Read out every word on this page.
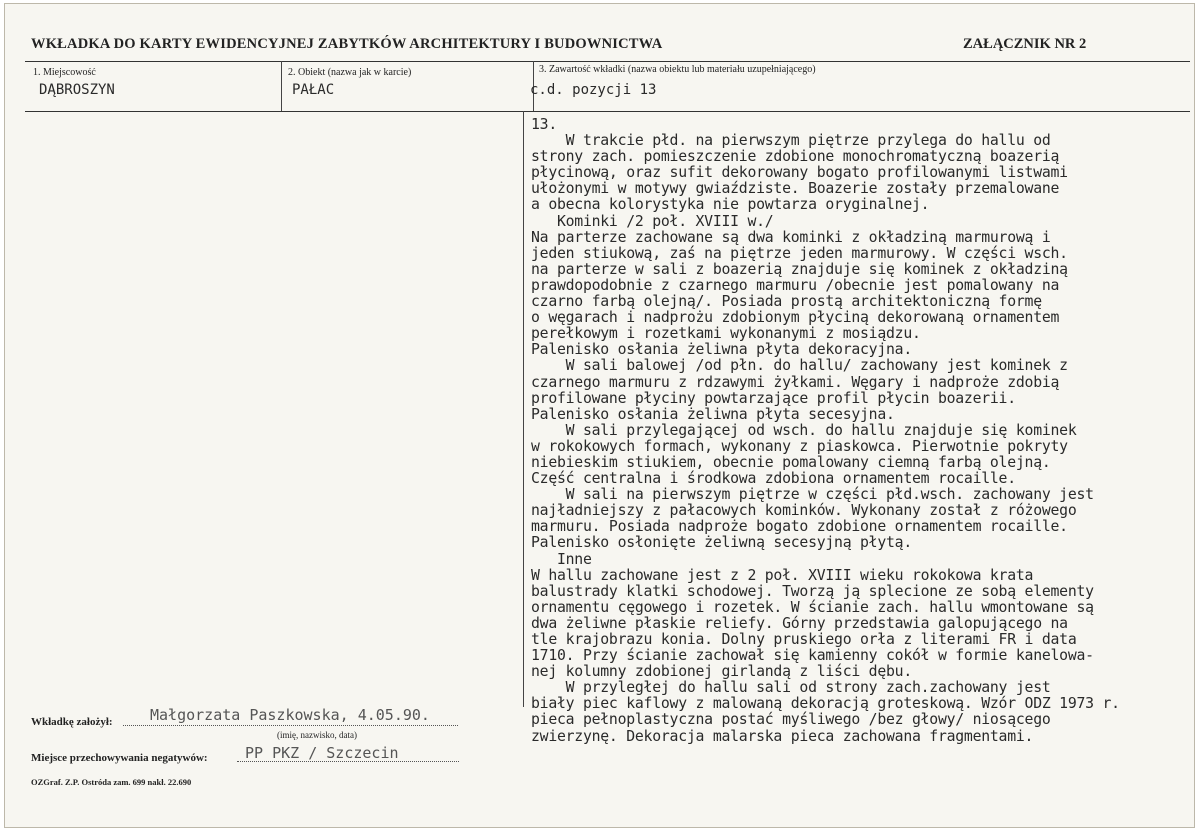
WKŁADKA DO KARTY EWIDENCYJNEJ ZABYTKÓW ARCHITEKTURY I BUDOWNICTWA	ZAŁĄCZNIK NR 2
1. Miejscowość
DĄBROSZYN
2. Obiekt (nazwa jak w karcie)
PAŁAC
3. Zawartość wkładki (nazwa obiektu lub materiału uzupełniającego)
c.d. pozycji 13
13.
W trakcie płd. na pierwszym piętrze przylega do hallu od
strony zach. pomieszczenie zdobione monochromatyczną boazerią
płycinową, oraz sufit dekorowany bogato profilowanymi listwami
ułożonymi w motywy gwiaździste. Boazerie zostały przemalowane
a obecna kolorystyka nie powtarza oryginalnej.
Kominki /2 poł. XVIII w./
Na parterze zachowane są dwa kominki z okładziną marmurową i
jeden stiukową, zaś na piętrze jeden marmurowy. W części wsch.
na parterze w sali z boazerią znajduje się kominek z okładziną
prawdopodobnie z czarnego marmuru /obecnie jest pomalowany na
czarno farbą olejną/. Posiada prostą architektoniczną formę
o węgarach i nadprożu zdobionym płyciną dekorowaną ornamentem
perełkowym i rozetkami wykonanymi z mosiądzu.
Palenisko osłania żeliwna płyta dekoracyjna.
W sali balowej /od płn. do hallu/ zachowany jest kominek z
czarnego marmuru z rdzawymi żyłkami. Węgary i nadproże zdobią
profilowane płyciny powtarzające profil płycin boazerii.
Palenisko osłania żeliwna płyta secesyjna.
W sali przylegającej od wsch. do hallu znajduje się kominek
w rokokowych formach, wykonany z piaskowca. Pierwotnie pokryty
niebieskim stiukiem, obecnie pomalowany ciemną farbą olejną.
Część centralna i środkowa zdobiona ornamentem rocaille.
W sali na pierwszym piętrze w części płd.wsch. zachowany jest
najładniejszy z pałacowych kominków. Wykonany został z różowego
marmuru. Posiada nadproże bogato zdobione ornamentem rocaille.
Palenisko osłonięte żeliwną secesyjną płytą.
Inne
W hallu zachowane jest z 2 poł. XVIII wieku rokokowa krata
balustrady klatki schodowej. Tworzą ją splecione ze sobą elementy
ornamentu cęgowego i rozetek. W ścianie zach. hallu wmontowane są
dwa żeliwne płaskie reliefy. Górny przedstawia galopującego na
tle krajobrazu konia. Dolny pruskiego orła z literami FR i data
1710. Przy ścianie zachował się kamienny cokół w formie kanelowa-
nej kolumny zdobionej girlandą z liści dębu.
W przyległej do hallu sali od strony zach.zachowany jest
biały piec kaflowy z malowaną dekoracją groteskową. Wzór ODZ 1973 r.
pieca pełnoplastyczna postać myśliwego /bez głowy/ niosącego
zwierzynę. Dekoracja malarska pieca zachowana fragmentami.
Wkładkę założył: Małgorzata Paszkowska, 4.05.90.
(imię, nazwisko, data)
Miejsce przechowywania negatywów: PP PKZ / Szczecin
OZGraf. Z.P. Ostróda zam. 699 nakł. 22.690
